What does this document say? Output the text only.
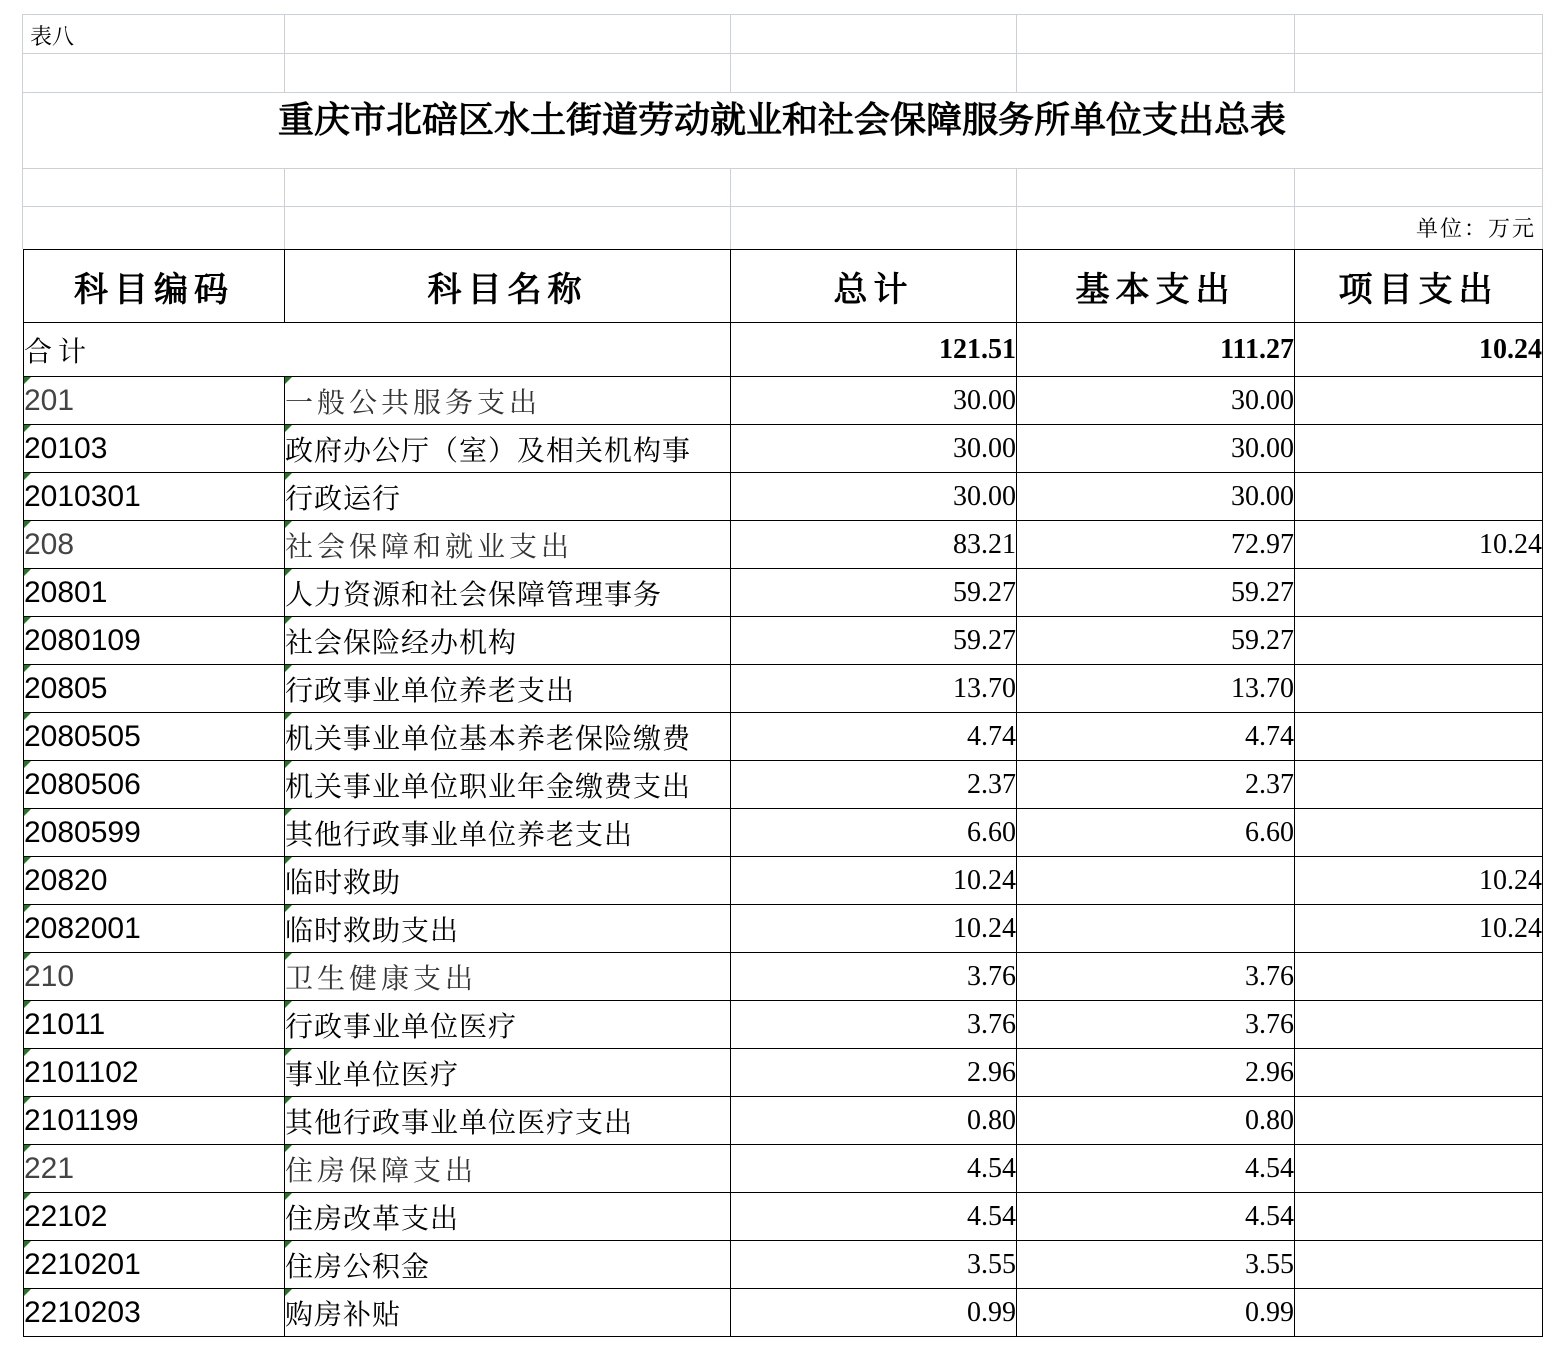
表八
重庆市北碚区水土街道劳动就业和社会保障服务所单位支出总表
单位：万元
科目编码	科目名称	总计	基本支出	项目支出
合计		121.51	111.27	10.24

201	一般公共服务支出	30.00	30.00	

20103	政府办公厅（室）及相关机构事	30.00	30.00	

2010301	行政运行	30.00	30.00	

208	社会保障和就业支出	83.21	72.97	10.24

20801	人力资源和社会保障管理事务	59.27	59.27	

2080109	社会保险经办机构	59.27	59.27	

20805	行政事业单位养老支出	13.70	13.70	

2080505	机关事业单位基本养老保险缴费	4.74	4.74	

2080506	机关事业单位职业年金缴费支出	2.37	2.37	

2080599	其他行政事业单位养老支出	6.60	6.60	

20820	临时救助	10.24		10.24

2082001	临时救助支出	10.24		10.24

210	卫生健康支出	3.76	3.76	

21011	行政事业单位医疗	3.76	3.76	

2101102	事业单位医疗	2.96	2.96	

2101199	其他行政事业单位医疗支出	0.80	0.80	

221	住房保障支出	4.54	4.54	

22102	住房改革支出	4.54	4.54	

2210201	住房公积金	3.55	3.55	

2210203	购房补贴	0.99	0.99	
